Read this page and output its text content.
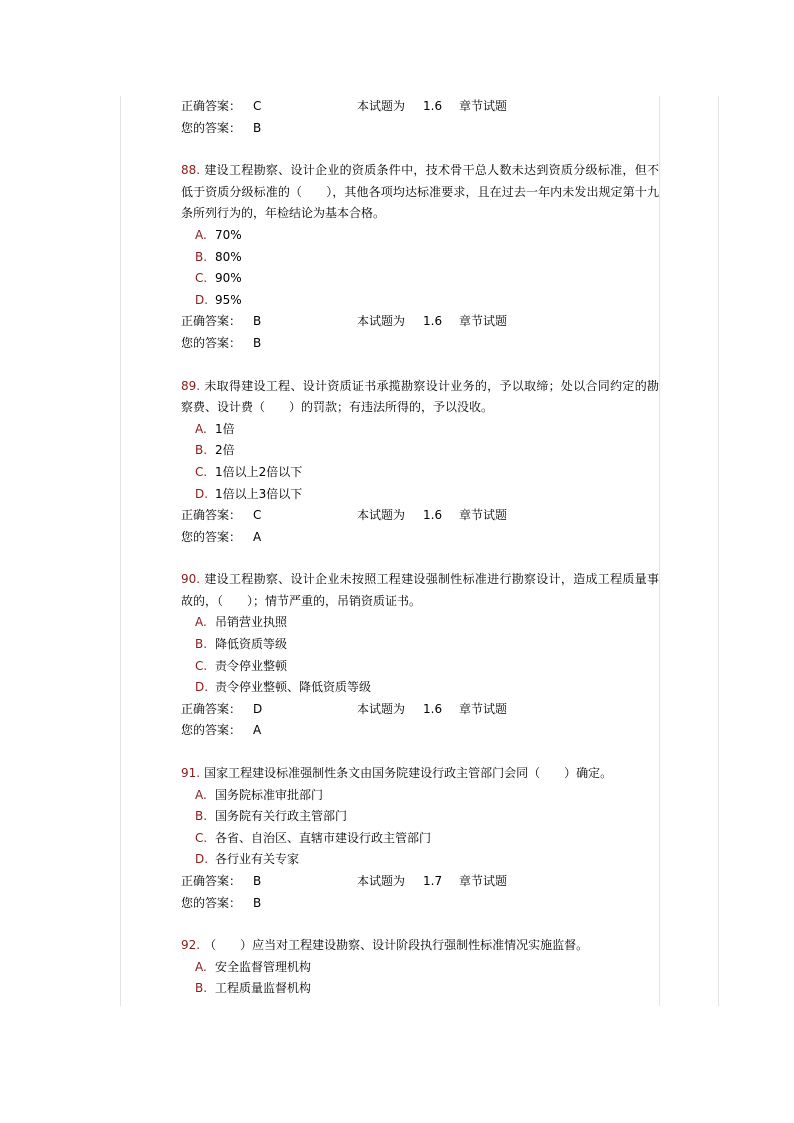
正确答案： C	本试题为 1.6 章节试题
您的答案： B
88. 建设工程勘察、设计企业的资质条件中，技术骨干总人数未达到资质分级标准，但不低于资质分级标准的（　　），其他各项均达标准要求，且在过去一年内未发出规定第十九条所列行为的，年检结论为基本合格。
A. 70%
B. 80%
C. 90%
D. 95%
正确答案： B	本试题为 1.6 章节试题
您的答案： B
89. 未取得建设工程、设计资质证书承揽勘察设计业务的，予以取缔；处以合同约定的勘察费、设计费（　　）的罚款；有违法所得的，予以没收。
A. 1倍
B. 2倍
C. 1倍以上2倍以下
D. 1倍以上3倍以下
正确答案： C	本试题为 1.6 章节试题
您的答案： A
90. 建设工程勘察、设计企业未按照工程建设强制性标准进行勘察设计，造成工程质量事故的，（　　）；情节严重的，吊销资质证书。
A. 吊销营业执照
B. 降低资质等级
C. 责令停业整顿
D. 责令停业整顿、降低资质等级
正确答案： D	本试题为 1.6 章节试题
您的答案： A
91. 国家工程建设标准强制性条文由国务院建设行政主管部门会同（　　）确定。
A. 国务院标准审批部门
B. 国务院有关行政主管部门
C. 各省、自治区、直辖市建设行政主管部门
D. 各行业有关专家
正确答案： B	本试题为 1.7 章节试题
您的答案： B
92. （　　）应当对工程建设勘察、设计阶段执行强制性标准情况实施监督。
A. 安全监督管理机构
B. 工程质量监督机构
